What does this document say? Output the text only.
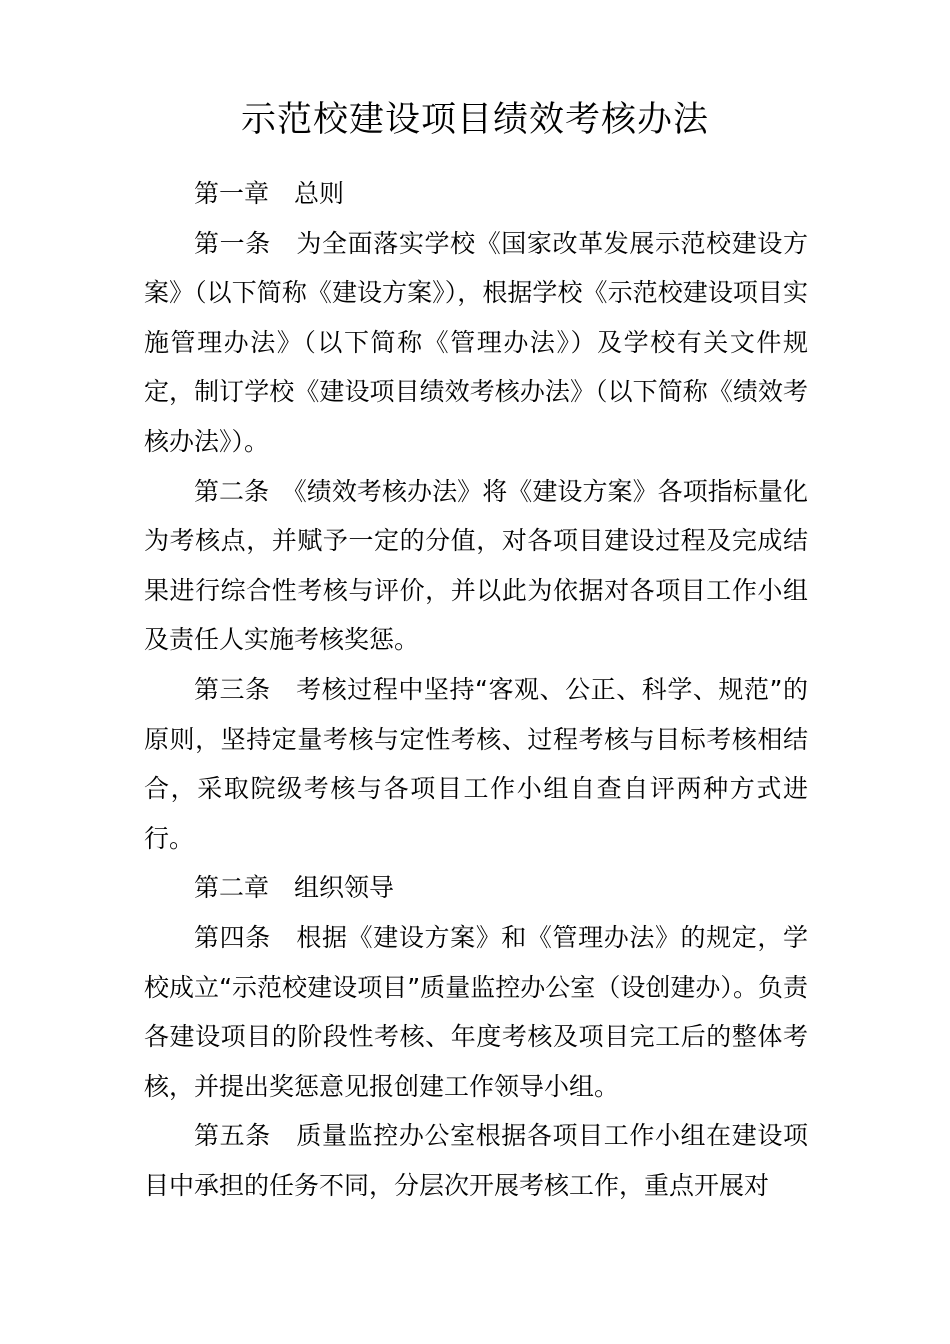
示范校建设项目绩效考核办法

第一章　总则

第一条　为全面落实学校《国家改革发展示范校建设方案》（以下简称《建设方案》），根据学校《示范校建设项目实施管理办法》（以下简称《管理办法》）及学校有关文件规定，制订学校《建设项目绩效考核办法》（以下简称《绩效考核办法》）。

第二条　《绩效考核办法》将《建设方案》各项指标量化为考核点，并赋予一定的分值，对各项目建设过程及完成结果进行综合性考核与评价，并以此为依据对各项目工作小组及责任人实施考核奖惩。

第三条　考核过程中坚持“客观、公正、科学、规范”的原则，坚持定量考核与定性考核、过程考核与目标考核相结合，采取院级考核与各项目工作小组自查自评两种方式进行。

第二章　组织领导

第四条　根据《建设方案》和《管理办法》的规定，学校成立“示范校建设项目”质量监控办公室（设创建办）。负责各建设项目的阶段性考核、年度考核及项目完工后的整体考核，并提出奖惩意见报创建工作领导小组。

第五条　质量监控办公室根据各项目工作小组在建设项目中承担的任务不同，分层次开展考核工作，重点开展对
